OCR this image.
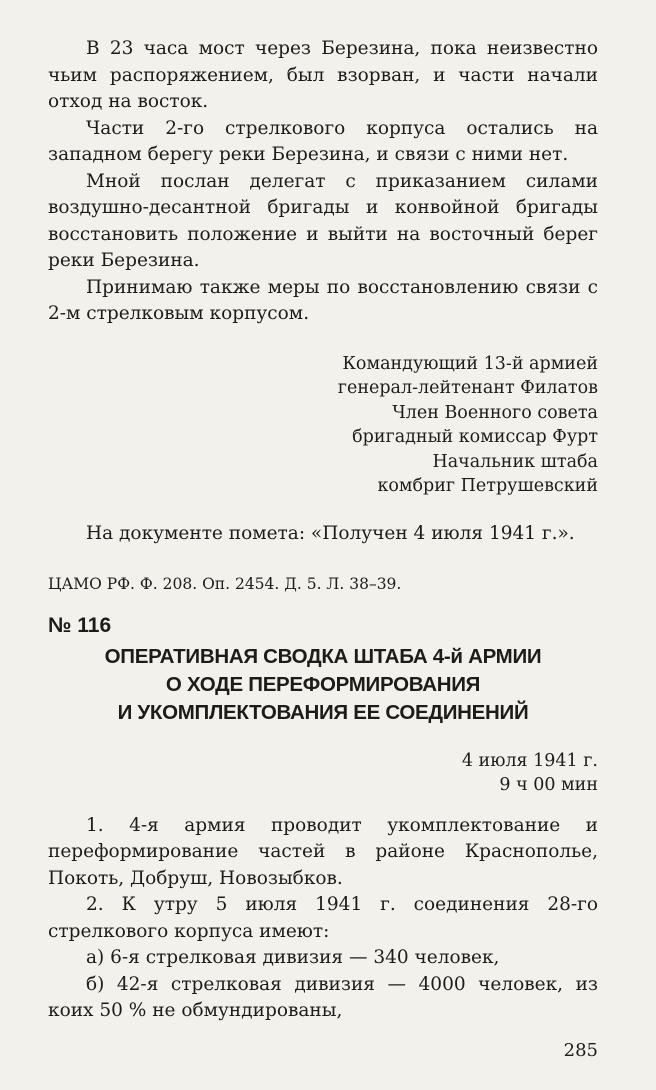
В 23 часа мост через Березина, пока неизвестно чьим распоряжением, был взорван, и части начали отход на восток.

Части 2-го стрелкового корпуса остались на западном берегу реки Березина, и связи с ними нет.

Мной послан делегат с приказанием силами воздушно-десантной бригады и конвойной бригады восстановить положение и выйти на восточный берег реки Березина.

Принимаю также меры по восстановлению связи с 2-м стрелковым корпусом.

Командующий 13-й армией

генерал-лейтенант Филатов

Член Военного совета

бригадный комиссар Фурт

Начальник штаба

комбриг Петрушевский

На документе помета: «Получен 4 июля 1941 г.».

ЦАМО РФ. Ф. 208. Оп. 2454. Д. 5. Л. 38–39.

№ 116
ОПЕРАТИВНАЯ СВОДКА ШТАБА 4-й АРМИИ
О ХОДЕ ПЕРЕФОРМИРОВАНИЯ
И УКОМПЛЕКТОВАНИЯ ЕЕ СОЕДИНЕНИЙ

4 июля 1941 г.

9 ч 00 мин

1. 4-я армия проводит укомплектование и переформирование частей в районе Краснополье, Покоть, Добруш, Новозыбков.

2. К утру 5 июля 1941 г. соединения 28-го стрелкового корпуса имеют:

а) 6-я стрелковая дивизия — 340 человек,

б) 42-я стрелковая дивизия — 4000 человек, из коих 50 % не обмундированы,

285
